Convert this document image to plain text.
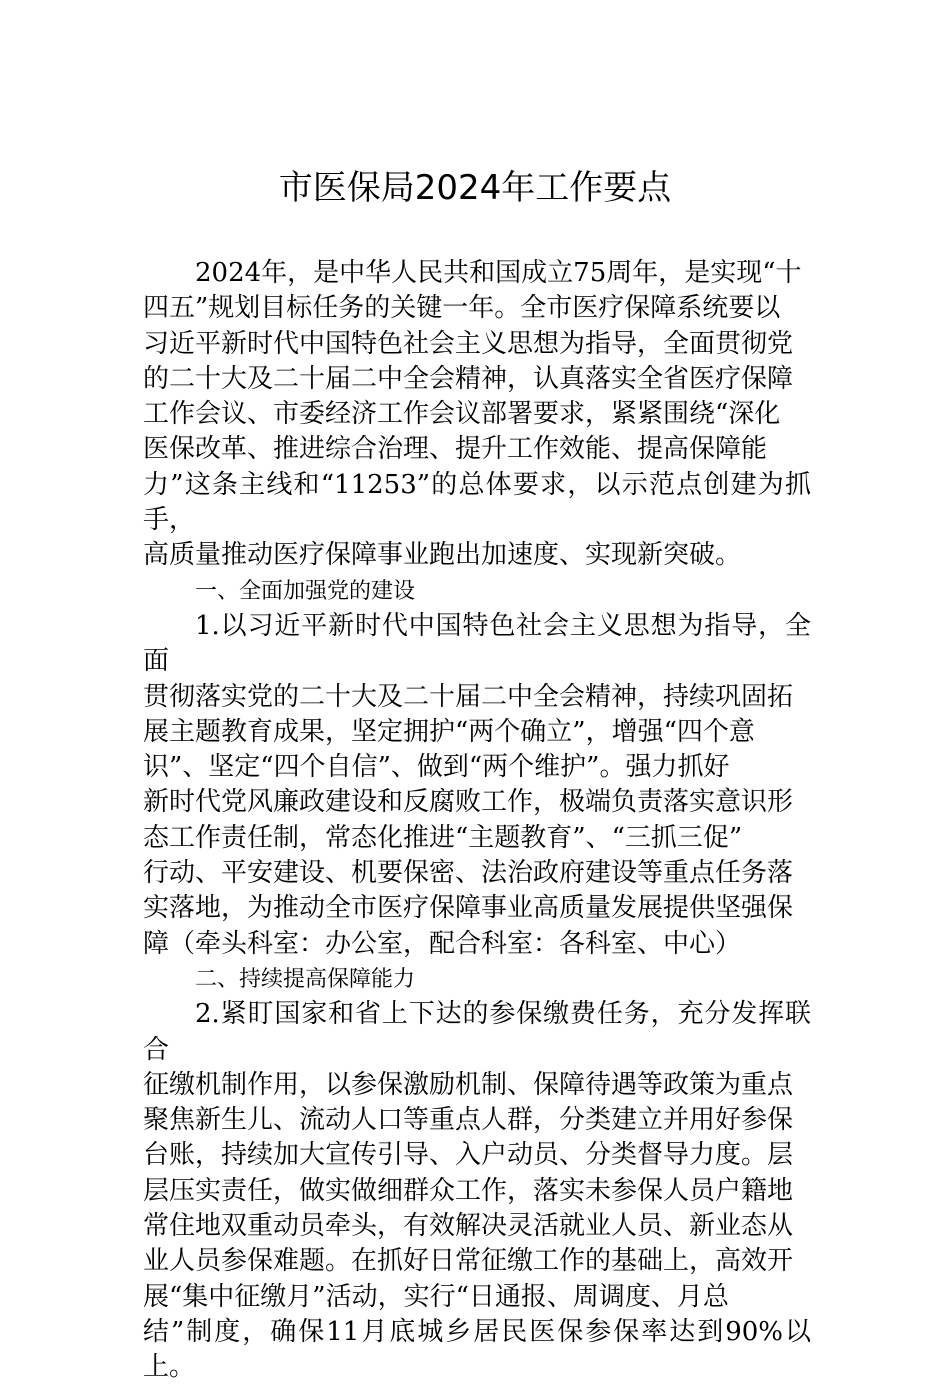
市医保局2024年工作要点

2024年，是中华人民共和国成立75周年，是实现“十
四五”规划目标任务的关键一年。全市医疗保障系统要以
习近平新时代中国特色社会主义思想为指导，全面贯彻党
的二十大及二十届二中全会精神，认真落实全省医疗保障
工作会议、市委经济工作会议部署要求，紧紧围绕“深化
医保改革、推进综合治理、提升工作效能、提高保障能
力”这条主线和“11253”的总体要求，以示范点创建为抓手，
高质量推动医疗保障事业跑出加速度、实现新突破。

一、全面加强党的建设

1.以习近平新时代中国特色社会主义思想为指导，全面
贯彻落实党的二十大及二十届二中全会精神，持续巩固拓
展主题教育成果，坚定拥护“两个确立”，增强“四个意
识”、坚定“四个自信”、做到“两个维护”。强力抓好
新时代党风廉政建设和反腐败工作，极端负责落实意识形
态工作责任制，常态化推进“主题教育”、“三抓三促”
行动、平安建设、机要保密、法治政府建设等重点任务落
实落地，为推动全市医疗保障事业高质量发展提供坚强保
障（牵头科室：办公室，配合科室：各科室、中心）

二、持续提高保障能力

2.紧盯国家和省上下达的参保缴费任务，充分发挥联合
征缴机制作用，以参保激励机制、保障待遇等政策为重点
聚焦新生儿、流动人口等重点人群，分类建立并用好参保
台账，持续加大宣传引导、入户动员、分类督导力度。层
层压实责任，做实做细群众工作，落实未参保人员户籍地
常住地双重动员牵头，有效解决灵活就业人员、新业态从
业人员参保难题。在抓好日常征缴工作的基础上，高效开
展“集中征缴月”活动，实行“日通报、周调度、月总
结”制度，确保11月底城乡居民医保参保率达到90%以上。
